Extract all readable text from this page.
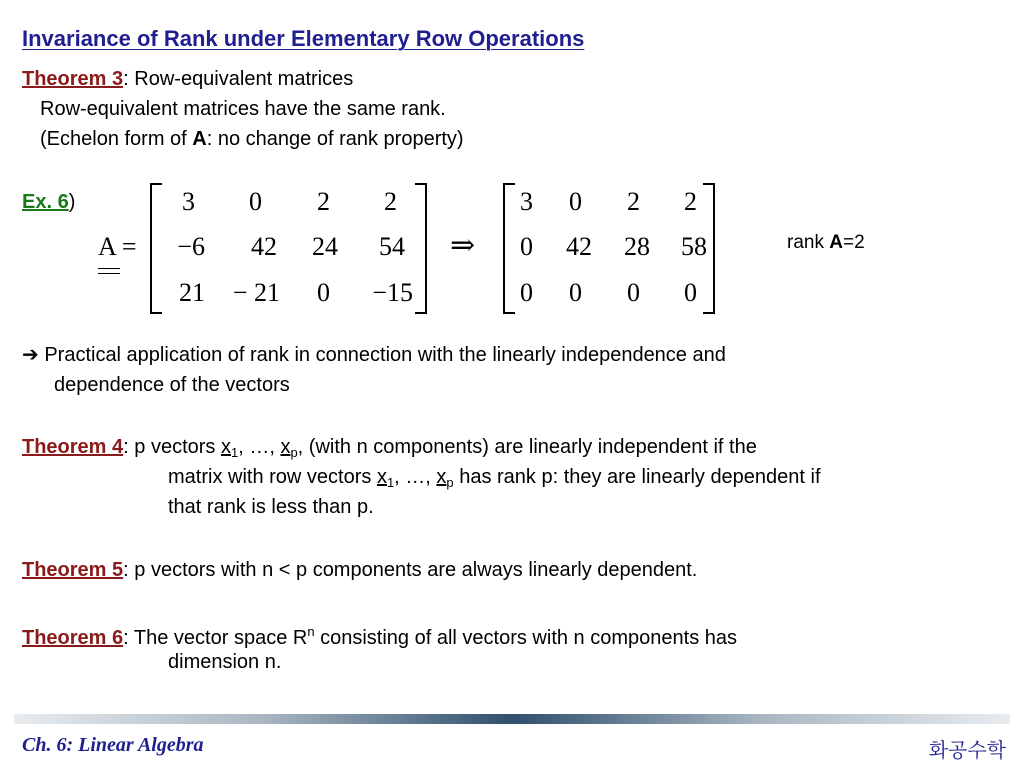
Invariance of Rank under Elementary Row Operations
Theorem 3: Row-equivalent matrices
Row-equivalent matrices have the same rank.
(Echelon form of A: no change of rank property)
Ex. 6)
A =
3	0	2	2
−6	42	24	54
21	− 21	0	−15
⇒
3	0	2	2
0	42	28	58
0	0	0	0
rank A=2
➔ Practical application of rank in connection with the linearly independence and
dependence of the vectors
Theorem 4: p vectors $x_1$, …, $x_p$, (with n components) are linearly independent if the
matrix with row vectors $x_1$, …, $x_p$ has rank p: they are linearly dependent if
that rank is less than p.
Theorem 5: p vectors with n < p components are always linearly dependent.
Theorem 6: The vector space $R^n$ consisting of all vectors with n components has
dimension n.
Ch. 6: Linear Algebra	화공수학
